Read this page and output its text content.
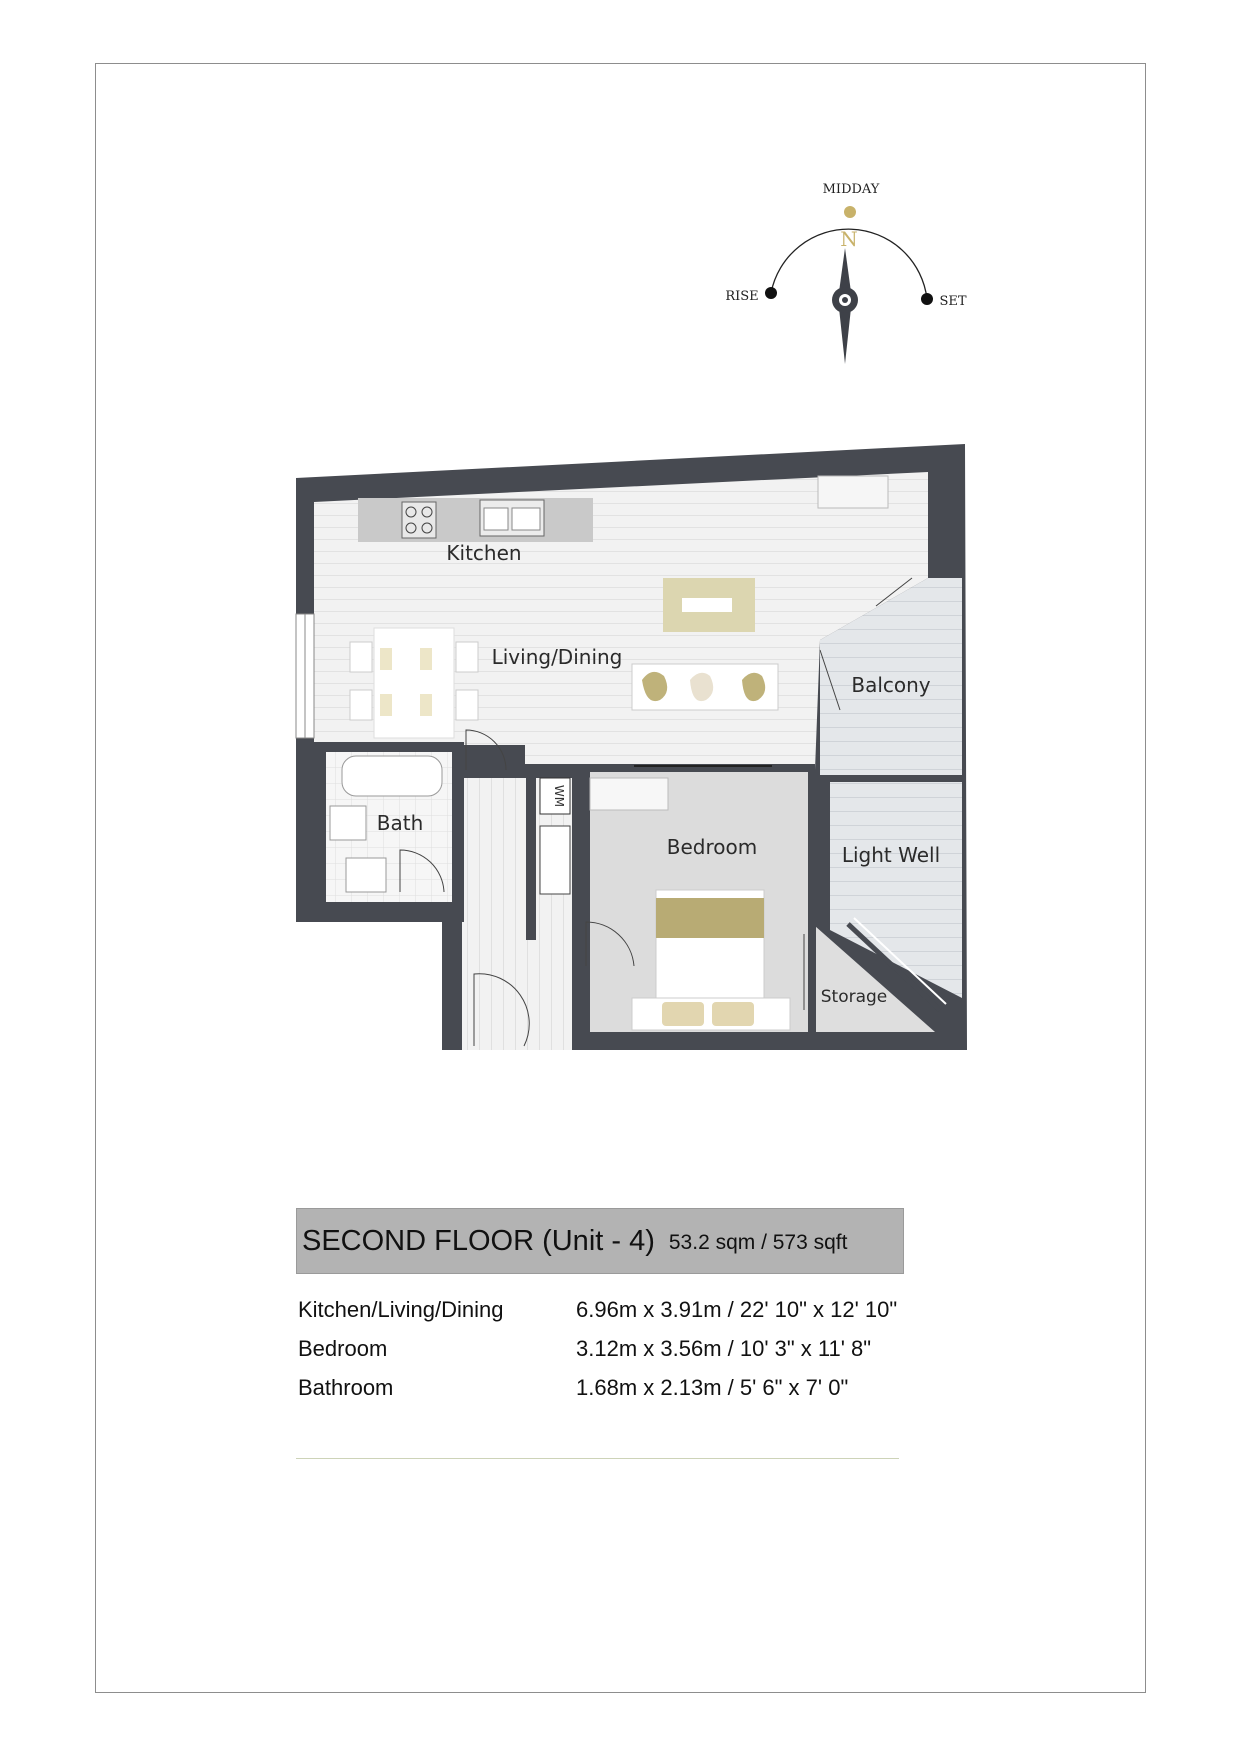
MIDDAY
RISE	SET
N
WM
Kitchen
Living/Dining
Balcony
Bath
Bedroom	Light Well
Storage
SECOND FLOOR (Unit - 4) 53.2 sqm / 573 sqft
Kitchen/Living/Dining	6.96m x 3.91m / 22' 10" x 12' 10"
Bedroom	3.12m x 3.56m / 10' 3" x 11' 8"
Bathroom	1.68m x 2.13m / 5' 6" x 7' 0"
